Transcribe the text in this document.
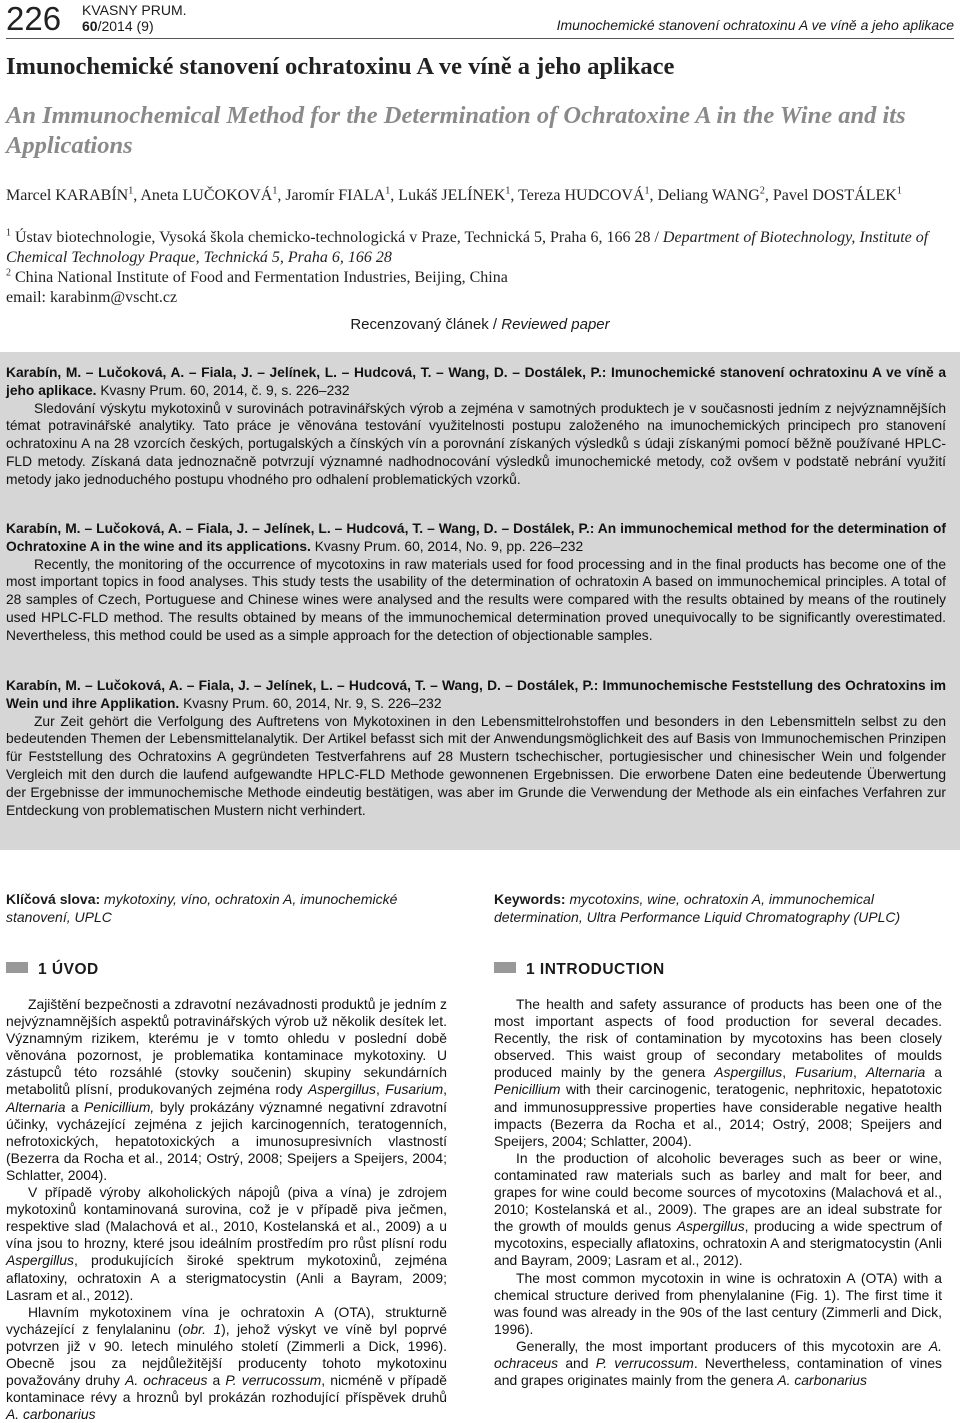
226 KVASNY PRUM.
60/2014 (9)	Imunochemické stanovení ochratoxinu A ve víně a jeho aplikace
Imunochemické stanovení ochratoxinu A ve víně a jeho aplikace
An Immunochemical Method for the Determination of Ochratoxine A in the Wine and its Applications
Marcel KARABÍN$^1$, Aneta LUČOKOVÁ$^1$, Jaromír FIALA$^1$, Lukáš JELÍNEK$^1$, Tereza HUDCOVÁ$^1$, Deliang WANG$^2$, Pavel DOSTÁLEK$^1$
$^1$ Ústav biotechnologie, Vysoká škola chemicko-technologická v Praze, Technická 5, Praha 6, 166 28 / Department of Biotechnology, Institute of Chemical Technology Praque, Technická 5, Praha 6, 166 28
$^2$ China National Institute of Food and Fermentation Industries, Beijing, China
email: karabinm@vscht.cz
Recenzovaný článek / Reviewed paper
Karabín, M. – Lučoková, A. – Fiala, J. – Jelínek, L. – Hudcová, T. – Wang, D. – Dostálek, P.: Imunochemické stanovení ochratoxinu A ve víně a jeho aplikace. Kvasny Prum. 60, 2014, č. 9, s. 226–232
Sledování výskytu mykotoxinů v surovinách potravinářských výrob a zejména v samotných produktech je v současnosti jedním z nejvýznamnějších témat potravinářské analytiky. Tato práce je věnována testování využitelnosti postupu založeného na imunochemických principech pro stanovení ochratoxinu A na 28 vzorcích českých, portugalských a čínských vín a porovnání získaných výsledků s údaji získanými pomocí běžně používané HPLC-FLD metody. Získaná data jednoznačně potvrzují významné nadhodnocování výsledků imunochemické metody, což ovšem v podstatě nebrání využití metody jako jednoduchého postupu vhodného pro odhalení problematických vzorků.
Karabín, M. – Lučoková, A. – Fiala, J. – Jelínek, L. – Hudcová, T. – Wang, D. – Dostálek, P.: An immunochemical method for the determination of Ochratoxine A in the wine and its applications. Kvasny Prum. 60, 2014, No. 9, pp. 226–232
Recently, the monitoring of the occurrence of mycotoxins in raw materials used for food processing and in the final products has become one of the most important topics in food analyses. This study tests the usability of the determination of ochratoxin A based on immunochemical principles. A total of 28 samples of Czech, Portuguese and Chinese wines were analysed and the results were compared with the results obtained by means of the routinely used HPLC-FLD method. The results obtained by means of the immunochemical determination proved unequivocally to be significantly overestimated. Nevertheless, this method could be used as a simple approach for the detection of objectionable samples.
Karabín, M. – Lučoková, A. – Fiala, J. – Jelínek, L. – Hudcová, T. – Wang, D. – Dostálek, P.: Immunochemische Feststellung des Ochratoxins im Wein und ihre Applikation. Kvasny Prum. 60, 2014, Nr. 9, S. 226–232
Zur Zeit gehört die Verfolgung des Auftretens von Mykotoxinen in den Lebensmittelrohstoffen und besonders in den Lebensmitteln selbst zu den bedeutenden Themen der Lebensmittelanalytik. Der Artikel befasst sich mit der Anwendungsmöglichkeit des auf Basis von Immunochemischen Prinzipen für Feststellung des Ochratoxins A gegründeten Testverfahrens auf 28 Mustern tschechischer, portugiesischer und chinesischer Wein und folgender Vergleich mit den durch die laufend aufgewandte HPLC-FLD Methode gewonnenen Ergebnissen. Die erworbene Daten eine bedeutende Überwertung der Ergebnisse der immunochemische Methode eindeutig bestätigen, was aber im Grunde die Verwendung der Methode als ein einfaches Verfahren zur Entdeckung von problematischen Mustern nicht verhindert.
Klíčová slova: mykotoxiny, víno, ochratoxin A, imunochemické stanovení, UPLC
Keywords: mycotoxins, wine, ochratoxin A, immunochemical determination, Ultra Performance Liquid Chromatography (UPLC)
1 ÚVOD	1 INTRODUCTION

Zajištění bezpečnosti a zdravotní nezávadnosti produktů je jedním z nejvýznamnějších aspektů potravinářských výrob už několik desítek let. Významným rizikem, kterému je v tomto ohledu v poslední době věnována pozornost, je problematika kontaminace mykotoxiny. U zástupců této rozsáhlé (stovky součenin) skupiny sekundárních metabolitů plísní, produkovaných zejména rody Aspergillus, Fusarium, Alternaria a Penicillium, byly prokázány významné negativní zdravotní účinky, vycházející zejména z jejich karcinogenních, teratogenních, nefrotoxických, hepatotoxických a imunosupresivních vlastností (Bezerra da Rocha et al., 2014; Ostrý, 2008; Speijers a Speijers, 2004; Schlatter, 2004).

V případě výroby alkoholických nápojů (piva a vína) je zdrojem mykotoxinů kontaminovaná surovina, což je v případě piva ječmen, respektive slad (Malachová et al., 2010, Kostelanská et al., 2009) a u vína jsou to hrozny, které jsou ideálním prostředím pro růst plísní rodu Aspergillus, produkujících široké spektrum mykotoxinů, zejména aflatoxiny, ochratoxin A a sterigmatocystin (Anli a Bayram, 2009; Lasram et al., 2012).

Hlavním mykotoxinem vína je ochratoxin A (OTA), strukturně vycházející z fenylalaninu (obr. 1), jehož výskyt ve víně byl poprvé potvrzen již v 90. letech minulého století (Zimmerli a Dick, 1996). Obecně jsou za nejdůležitější producenty tohoto mykotoxinu považovány druhy A. ochraceus a P. verrucossum, nicméně v případě kontaminace révy a hroznů byl prokázán rozhodující příspěvek druhů A. carbonarius

The health and safety assurance of products has been one of the most important aspects of food production for several decades. Recently, the risk of contamination by mycotoxins has been closely observed. This waist group of secondary metabolites of moulds produced mainly by the genera Aspergillus, Fusarium, Alternaria a Penicillium with their carcinogenic, teratogenic, nephritoxic, hepatotoxic and immunosuppressive properties have considerable negative health impacts (Bezerra da Rocha et al., 2014; Ostrý, 2008; Speijers and Speijers, 2004; Schlatter, 2004).

In the production of alcoholic beverages such as beer or wine, contaminated raw materials such as barley and malt for beer, and grapes for wine could become sources of mycotoxins (Malachová et al., 2010; Kostelanská et al., 2009). The grapes are an ideal substrate for the growth of moulds genus Aspergillus, producing a wide spectrum of mycotoxins, especially aflatoxins, ochratoxin A and sterigmatocystin (Anli and Bayram, 2009; Lasram et al., 2012).

The most common mycotoxin in wine is ochratoxin A (OTA) with a chemical structure derived from phenylalanine (Fig. 1). The first time it was found was already in the 90s of the last century (Zimmerli and Dick, 1996).

Generally, the most important producers of this mycotoxin are A. ochraceus and P. verrucossum. Nevertheless, contamination of vines and grapes originates mainly from the genera A. carbonarius
